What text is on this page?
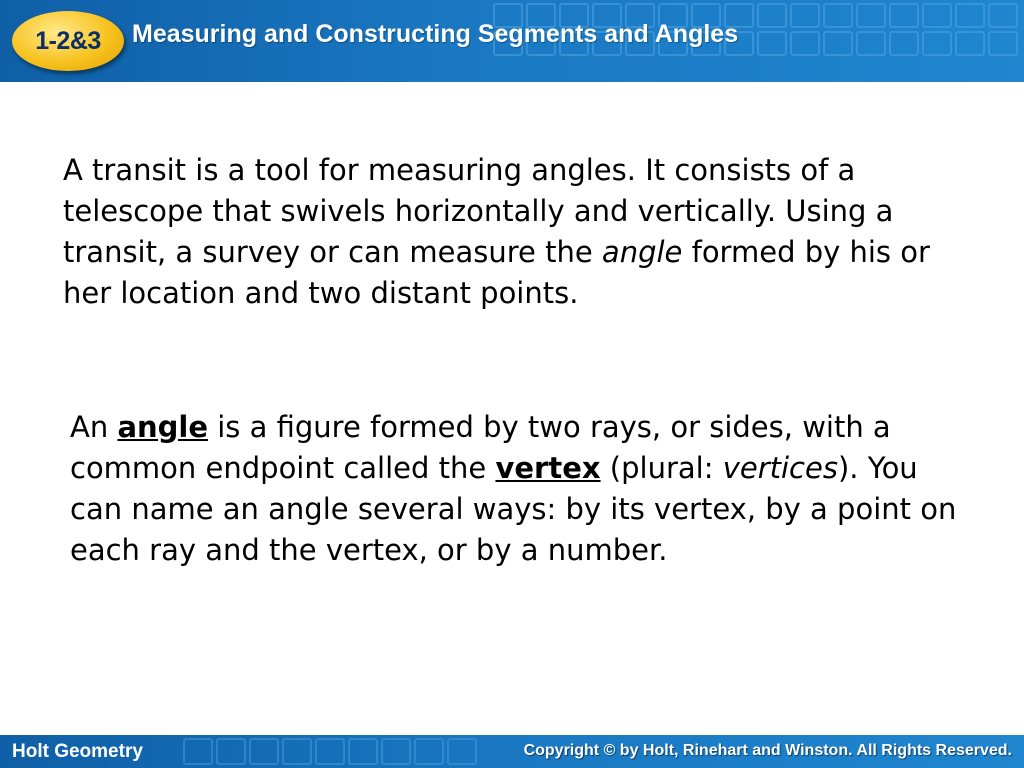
1-2&3 Measuring and Constructing Segments and Angles

A transit is a tool for measuring angles. It consists of a telescope that swivels horizontally and vertically. Using a transit, a survey or can measure the angle formed by his or her location and two distant points.

An angle is a figure formed by two rays, or sides, with a common endpoint called the vertex (plural: vertices). You can name an angle several ways: by its vertex, by a point on each ray and the vertex, or by a number.

Holt Geometry	Copyright © by Holt, Rinehart and Winston. All Rights Reserved.
